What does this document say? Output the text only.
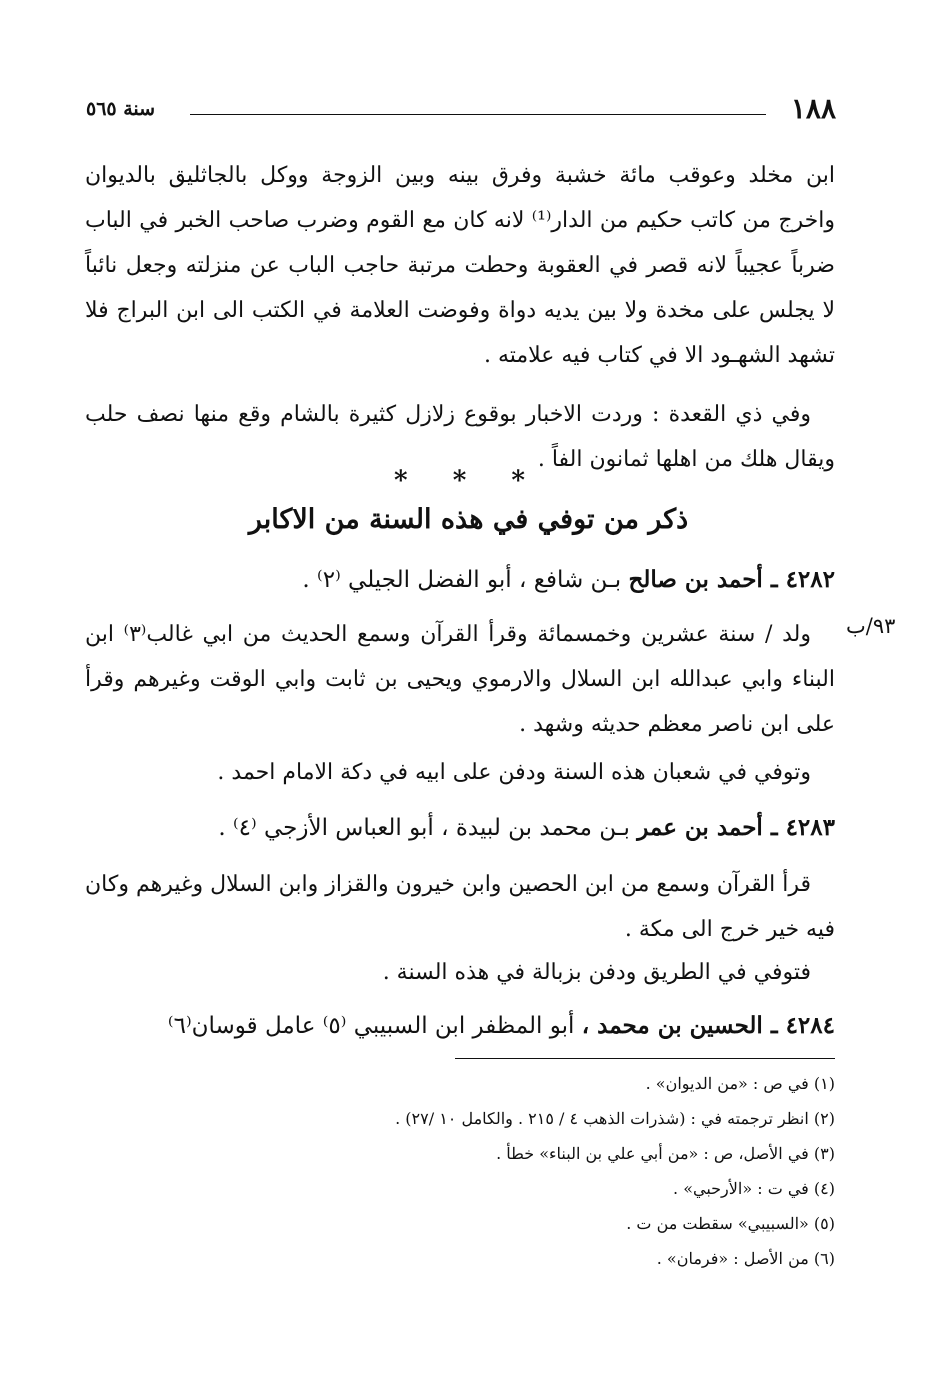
١٨٨
سنة ٥٦٥

ابن مخلد وعوقب مائة خشبة وفرق بينه وبين الزوجة ووكل بالجاثليق بالديوان واخرج من كاتب حكيم من الدار⁽¹⁾ لانه كان مع القوم وضرب صاحب الخبر في الباب ضرباً عجيباً لانه قصر في العقوبة وحطت مرتبة حاجب الباب عن منزلته وجعل نائباً لا يجلس على مخدة ولا بين يديه دواة وفوضت العلامة في الكتب الى ابن البراج فلا تشهد الشهـود الا في كتاب فيه علامته .

وفي ذي القعدة : وردت الاخبار بوقوع زلازل كثيرة بالشام وقع منها نصف حلب ويقال هلك من اهلها ثمانون الفاً .

* * *
ذكر من توفي في هذه السنة من الاكابر
٤٢٨٢ ـ أحمد بن صالح بـن شافع ، أبو الفضل الجيلي ⁽٢⁾ .
٩٣/ب

ولد / سنة عشرين وخمسمائة وقرأ القرآن وسمع الحديث من ابي غالب⁽٣⁾ ابن البناء وابي عبدالله ابن السلال والارموي ويحيى بن ثابت وابي الوقت وغيرهم وقرأ على ابن ناصر معظم حديثه وشهد .

وتوفي في شعبان هذه السنة ودفن على ابيه في دكة الامام احمد .

٤٢٨٣ ـ أحمد بن عمر بـن محمد بن لبيدة ، أبو العباس الأزجي ⁽٤⁾ .

قرأ القرآن وسمع من ابن الحصين وابن خيرون والقزاز وابن السلال وغيرهم وكان فيه خير خرج الى مكة .

فتوفي في الطريق ودفن بزبالة في هذه السنة .

٤٢٨٤ ـ الحسين بن محمد ، أبو المظفر ابن السبيبي ⁽٥⁾ عامل قوسان⁽٦⁾
(١) في ص : «من الديوان» .
(٢) انظر ترجمته في : (شذرات الذهب ٤ / ٢١٥ . والكامل ١٠ /٢٧) .
(٣) في الأصل، ص : «من أبي علي بن البناء» خطأ .
(٤) في ت : «الأرحبي» .
(٥) «السبيبي» سقطت من ت .
(٦) من الأصل : «فرمان» .
